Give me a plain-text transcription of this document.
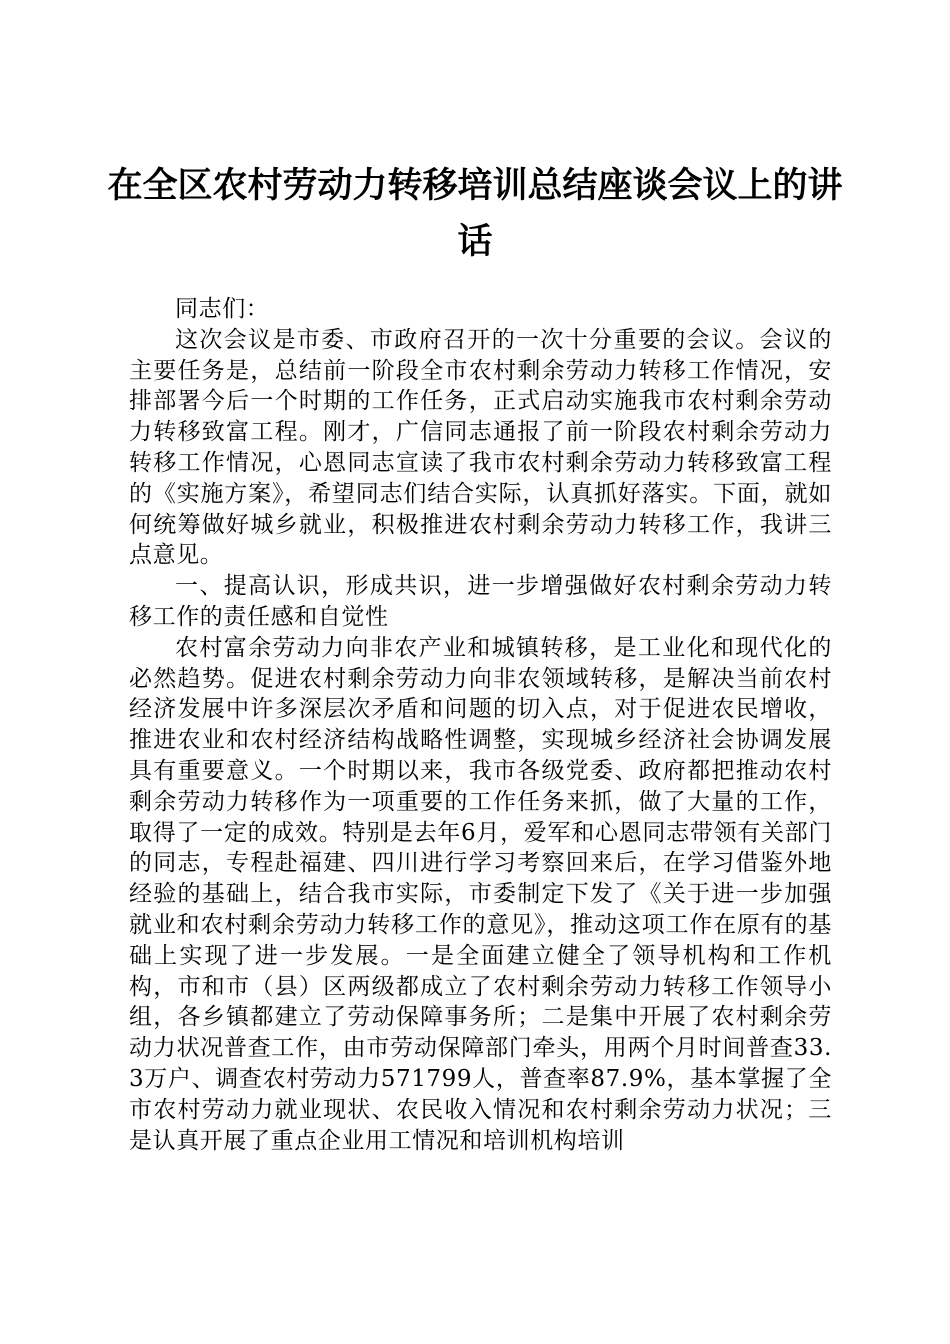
在全区农村劳动力转移培训总结座谈会议上的讲话

同志们：

这次会议是市委、市政府召开的一次十分重要的会议。会议的主要任务是，总结前一阶段全市农村剩余劳动力转移工作情况，安排部署今后一个时期的工作任务，正式启动实施我市农村剩余劳动力转移致富工程。刚才，广信同志通报了前一阶段农村剩余劳动力转移工作情况，心恩同志宣读了我市农村剩余劳动力转移致富工程的《实施方案》，希望同志们结合实际，认真抓好落实。下面，就如何统筹做好城乡就业，积极推进农村剩余劳动力转移工作，我讲三点意见。

一、提高认识，形成共识，进一步增强做好农村剩余劳动力转移工作的责任感和自觉性

农村富余劳动力向非农产业和城镇转移，是工业化和现代化的必然趋势。促进农村剩余劳动力向非农领域转移，是解决当前农村经济发展中许多深层次矛盾和问题的切入点，对于促进农民增收，推进农业和农村经济结构战略性调整，实现城乡经济社会协调发展具有重要意义。一个时期以来，我市各级党委、政府都把推动农村剩余劳动力转移作为一项重要的工作任务来抓，做了大量的工作，取得了一定的成效。特别是去年6月，爱军和心恩同志带领有关部门的同志，专程赴福建、四川进行学习考察回来后，在学习借鉴外地经验的基础上，结合我市实际，市委制定下发了《关于进一步加强就业和农村剩余劳动力转移工作的意见》，推动这项工作在原有的基础上实现了进一步发展。一是全面建立健全了领导机构和工作机构，市和市（县）区两级都成立了农村剩余劳动力转移工作领导小组，各乡镇都建立了劳动保障事务所；二是集中开展了农村剩余劳动力状况普查工作，由市劳动保障部门牵头，用两个月时间普查33.3万户、调查农村劳动力571799人，普查率87.9%，基本掌握了全市农村劳动力就业现状、农民收入情况和农村剩余劳动力状况；三是认真开展了重点企业用工情况和培训机构培训
